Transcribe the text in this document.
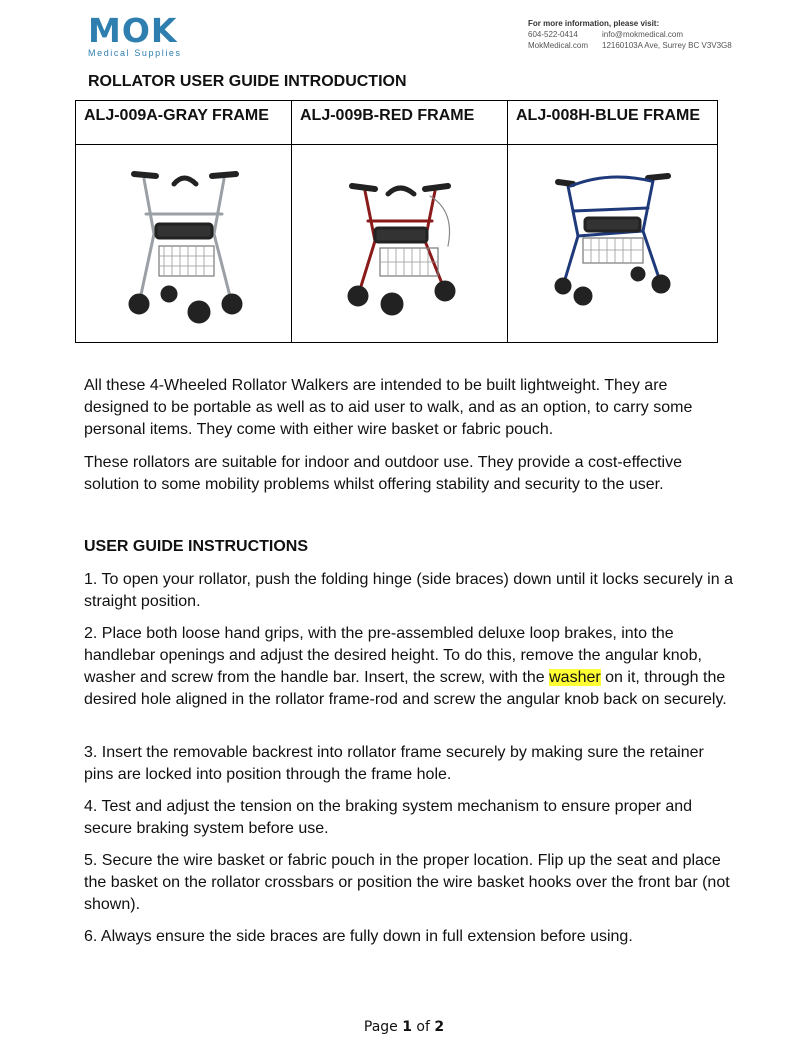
MOK
Medical Supplies
For more information, please visit:
604-522-0414	info@mokmedical.com
MokMedical.com 12160103A Ave, Surrey BC V3V3G8
ROLLATOR USER GUIDE INTRODUCTION
ALJ-009A-GRAY FRAME	ALJ-009B-RED FRAME	ALJ-008H-BLUE FRAME

All these 4-Wheeled Rollator Walkers are intended to be built lightweight. They are designed to be portable as well as to aid user to walk, and as an option, to carry some personal items. They come with either wire basket or fabric pouch.
These rollators are suitable for indoor and outdoor use. They provide a cost-effective solution to some mobility problems whilst offering stability and security to the user.
USER GUIDE INSTRUCTIONS
1. To open your rollator, push the folding hinge (side braces) down until it locks securely in a straight position.
2. Place both loose hand grips, with the pre-assembled deluxe loop brakes, into the handlebar openings and adjust the desired height. To do this, remove the angular knob, washer and screw from the handle bar. Insert, the screw, with the washer on it, through the desired hole aligned in the rollator frame-rod and screw the angular knob back on securely.
3. Insert the removable backrest into rollator frame securely by making sure the retainer pins are locked into position through the frame hole.
4. Test and adjust the tension on the braking system mechanism to ensure proper and secure braking system before use.
5. Secure the wire basket or fabric pouch in the proper location. Flip up the seat and place the basket on the rollator crossbars or position the wire basket hooks over the front bar (not shown).
6. Always ensure the side braces are fully down in full extension before using.
Page 1 of 2
